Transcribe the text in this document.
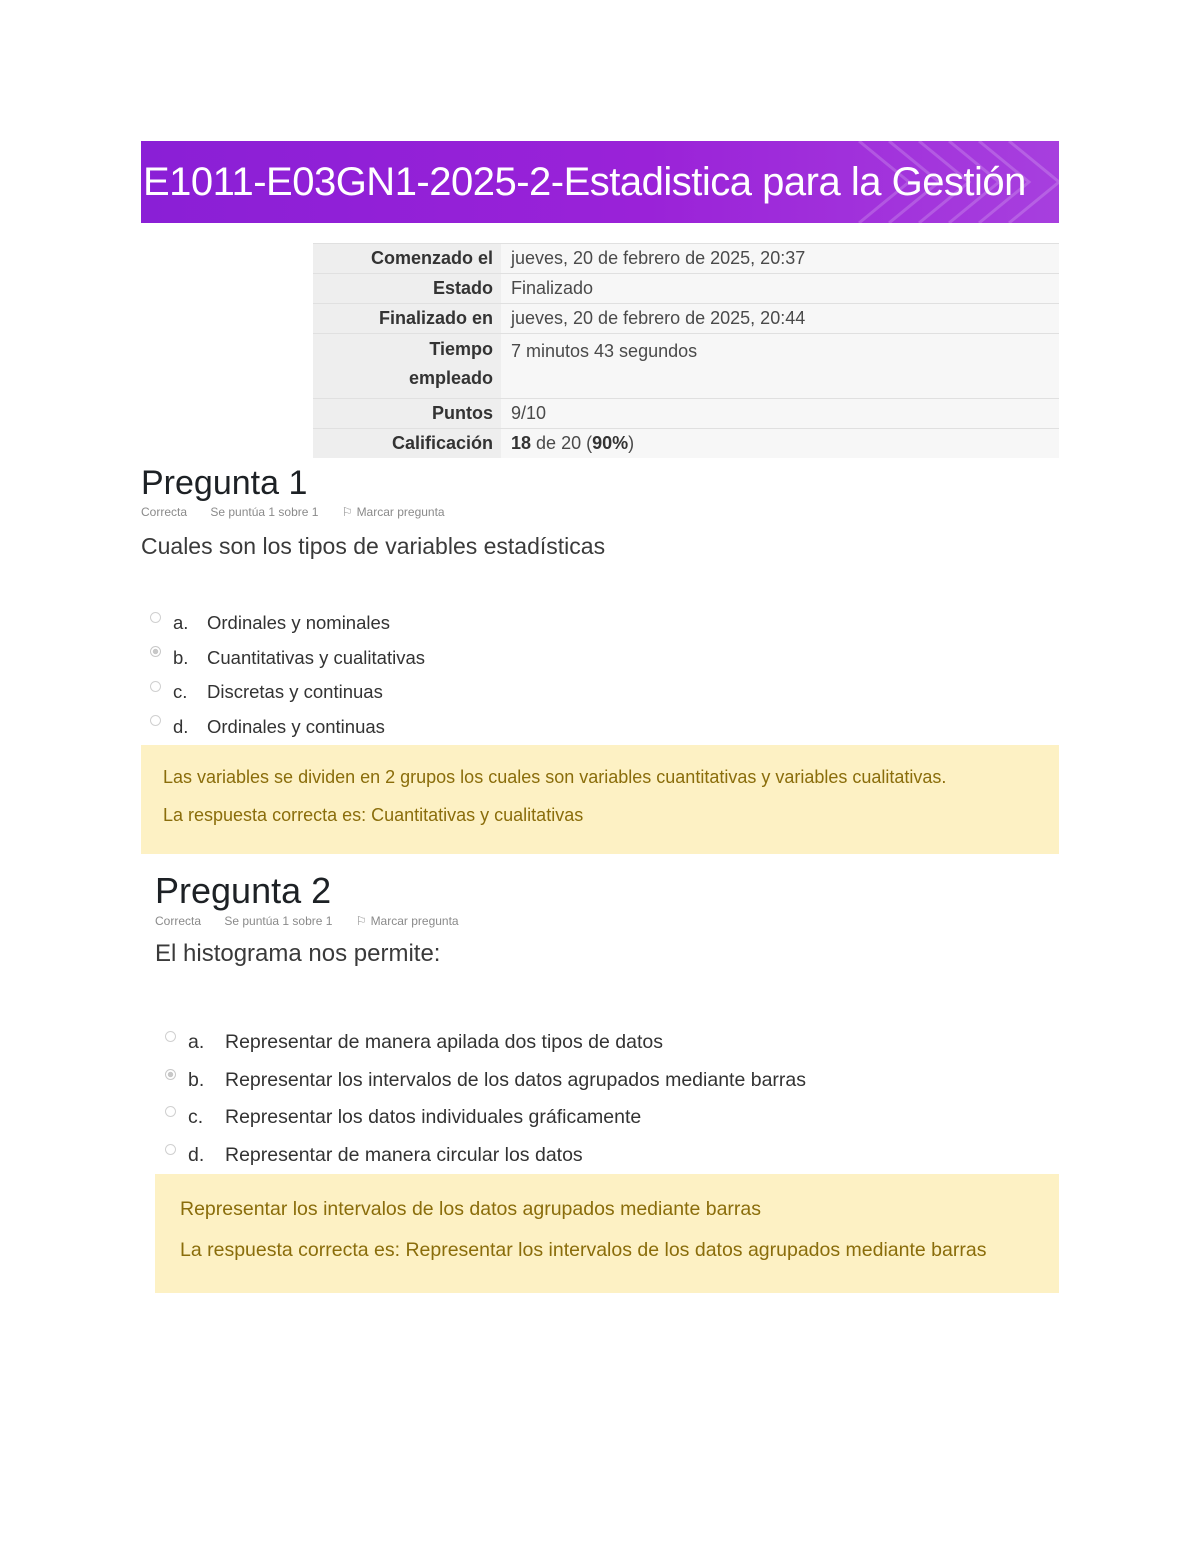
E1011-E03GN1-2025-2-Estadistica para la Gestión
Comenzado el	jueves, 20 de febrero de 2025, 20:37
Estado	Finalizado
Finalizado en	jueves, 20 de febrero de 2025, 20:44
Tiempo
empleado	7 minutos 43 segundos
Puntos	9/10
Calificación	18 de 20 (90%)
Pregunta 1
Correcta Se puntúa 1 sobre 1 ⚐ Marcar pregunta
Cuales son los tipos de variables estadísticas
a.	Ordinales y nominales
b.	Cuantitativas y cualitativas
c.	Discretas y continuas
d.	Ordinales y continuas

Las variables se dividen en 2 grupos los cuales son variables cuantitativas y variables cualitativas.

La respuesta correcta es: Cuantitativas y cualitativas

Pregunta 2
Correcta Se puntúa 1 sobre 1 ⚐ Marcar pregunta
El histograma nos permite:
a.	Representar de manera apilada dos tipos de datos
b.	Representar los intervalos de los datos agrupados mediante barras
c.	Representar los datos individuales gráficamente
d.	Representar de manera circular los datos

Representar los intervalos de los datos agrupados mediante barras

La respuesta correcta es: Representar los intervalos de los datos agrupados mediante barras
